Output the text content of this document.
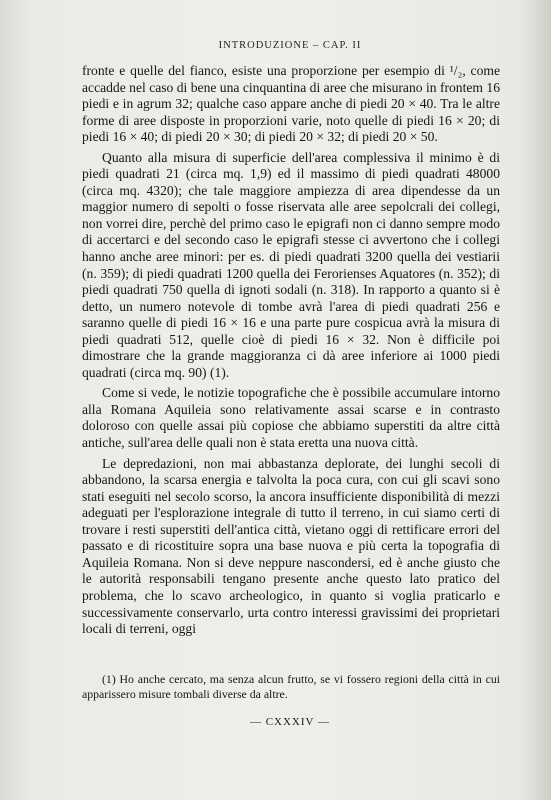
INTRODUZIONE – CAP. II

fronte e quelle del fianco, esiste una proporzione per esempio di ¹/₂, come accadde nel caso di bene una cinquantina di aree che misurano in frontem 16 piedi e in agrum 32; qualche caso appare anche di piedi 20 × 40. Tra le altre forme di aree disposte in proporzioni varie, noto quelle di piedi 16 × 20; di piedi 16 × 40; di piedi 20 × 30; di piedi 20 × 32; di piedi 20 × 50.

Quanto alla misura di superficie dell'area complessiva il minimo è di piedi quadrati 21 (circa mq. 1,9) ed il massimo di piedi quadrati 48000 (circa mq. 4320); che tale maggiore ampiezza di area dipendesse da un maggior numero di sepolti o fosse riservata alle aree sepolcrali dei collegi, non vorrei dire, perchè del primo caso le epigrafi non ci danno sempre modo di accertarci e del secondo caso le epigrafi stesse ci avvertono che i collegi hanno anche aree minori: per es. di piedi quadrati 3200 quella dei vestiarii (n. 359); di piedi quadrati 1200 quella dei Ferorienses Aquatores (n. 352); di piedi quadrati 750 quella di ignoti sodali (n. 318). In rapporto a quanto si è detto, un numero notevole di tombe avrà l'area di piedi quadrati 256 e saranno quelle di piedi 16 × 16 e una parte pure cospicua avrà la misura di piedi quadrati 512, quelle cioè di piedi 16 × 32. Non è difficile poi dimostrare che la grande maggioranza ci dà aree inferiore ai 1000 piedi quadrati (circa mq. 90) (1).

Come si vede, le notizie topografiche che è possibile accumulare intorno alla Romana Aquileia sono relativamente assai scarse e in contrasto doloroso con quelle assai più copiose che abbiamo superstiti da altre città antiche, sull'area delle quali non è stata eretta una nuova città.

Le depredazioni, non mai abbastanza deplorate, dei lunghi secoli di abbandono, la scarsa energia e talvolta la poca cura, con cui gli scavi sono stati eseguiti nel secolo scorso, la ancora insufficiente disponibilità di mezzi adeguati per l'esplorazione integrale di tutto il terreno, in cui siamo certi di trovare i resti superstiti dell'antica città, vietano oggi di rettificare errori del passato e di ricostituire sopra una base nuova e più certa la topografia di Aquileia Romana. Non si deve neppure nascondersi, ed è anche giusto che le autorità responsabili tengano presente anche questo lato pratico del problema, che lo scavo archeologico, in quanto si voglia praticarlo e successivamente conservarlo, urta contro interessi gravissimi dei proprietari locali di terreni, oggi

(1) Ho anche cercato, ma senza alcun frutto, se vi fossero regioni della città in cui apparissero misure tombali diverse da altre.

— CXXXIV —
